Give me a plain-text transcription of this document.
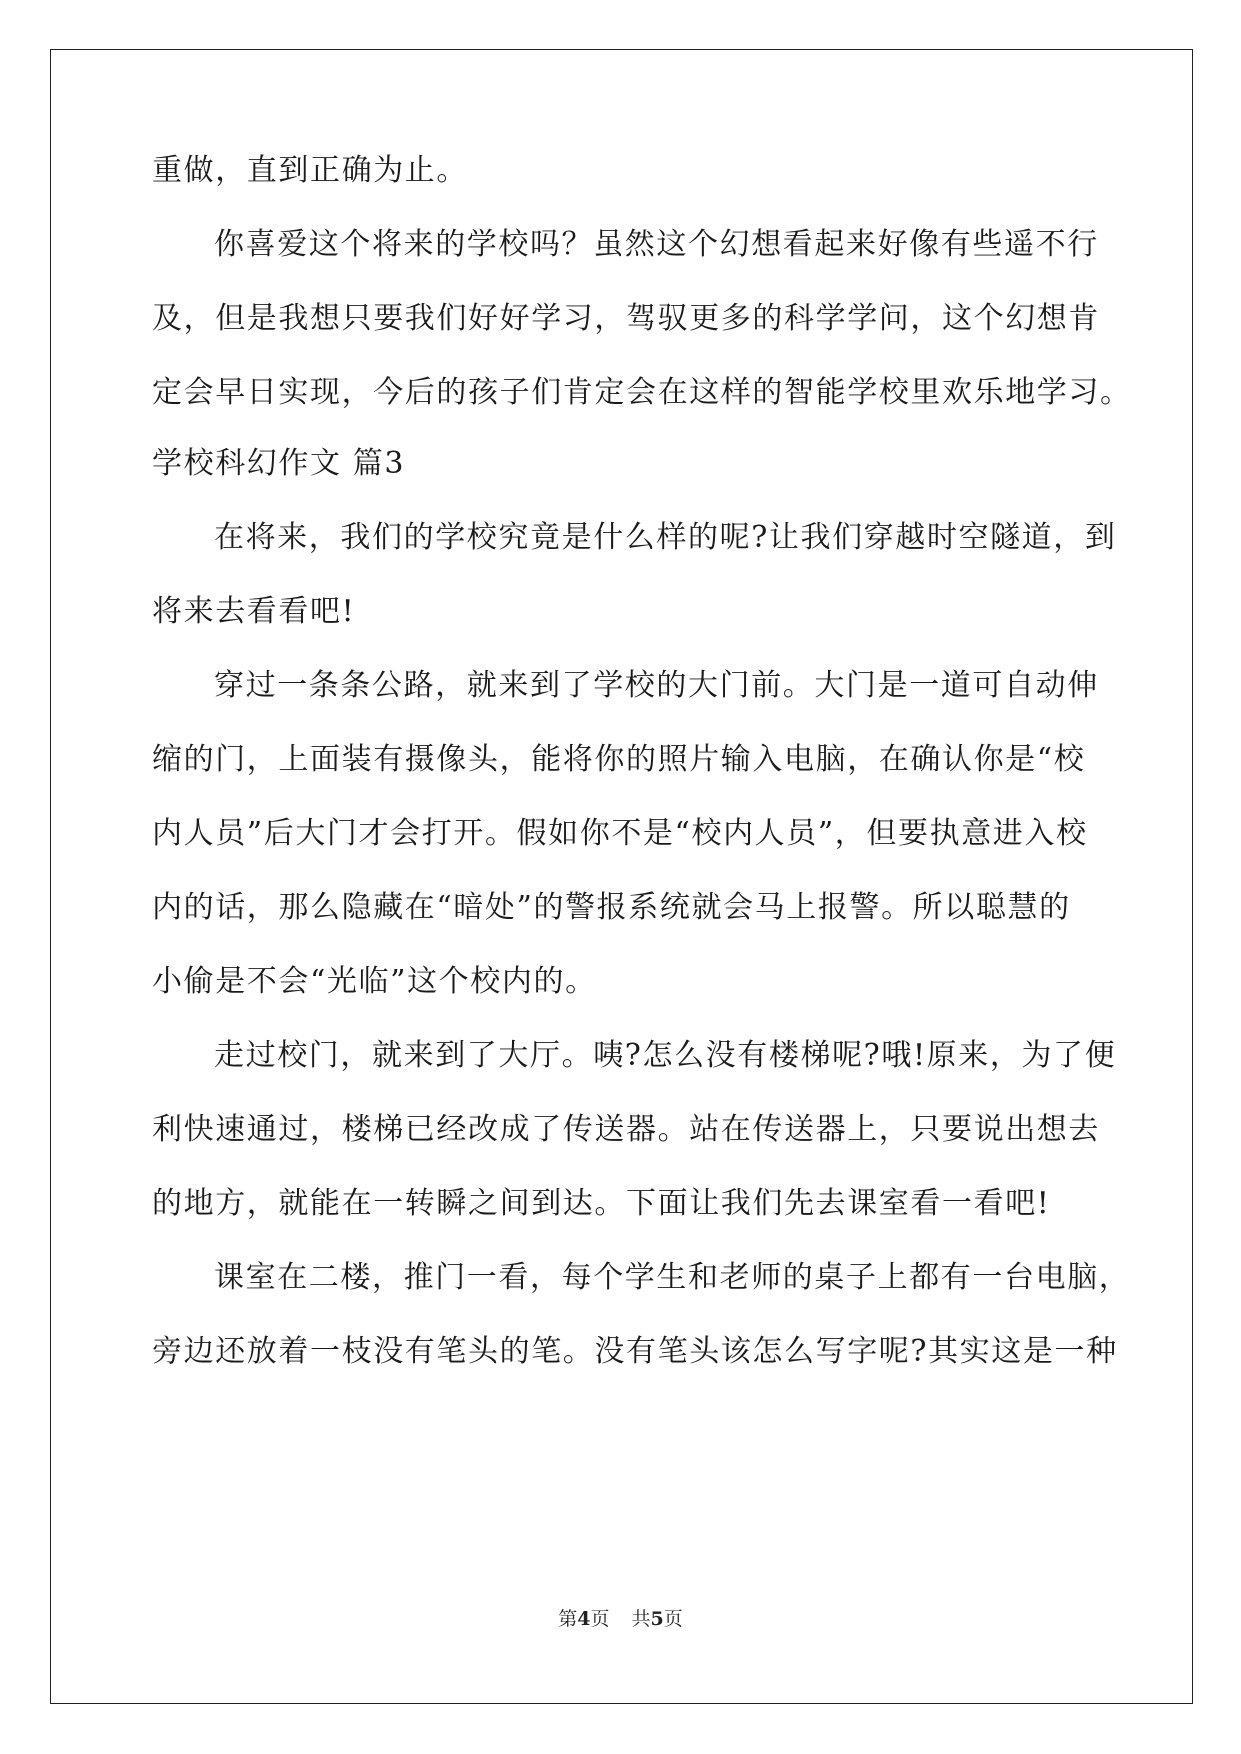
重做，直到正确为止。
你喜爱这个将来的学校吗？虽然这个幻想看起来好像有些遥不行
及，但是我想只要我们好好学习，驾驭更多的科学学问，这个幻想肯
定会早日实现，今后的孩子们肯定会在这样的智能学校里欢乐地学习。
学校科幻作文 篇3
在将来，我们的学校究竟是什么样的呢?让我们穿越时空隧道，到
将来去看看吧!
穿过一条条公路，就来到了学校的大门前。大门是一道可自动伸
缩的门，上面装有摄像头，能将你的照片输入电脑，在确认你是“校
内人员”后大门才会打开。假如你不是“校内人员”，但要执意进入校
内的话，那么隐藏在“暗处”的警报系统就会马上报警。所以聪慧的
小偷是不会“光临”这个校内的。
走过校门，就来到了大厅。咦?怎么没有楼梯呢?哦!原来，为了便
利快速通过，楼梯已经改成了传送器。站在传送器上，只要说出想去
的地方，就能在一转瞬之间到达。下面让我们先去课室看一看吧!
课室在二楼，推门一看，每个学生和老师的桌子上都有一台电脑，
旁边还放着一枝没有笔头的笔。没有笔头该怎么写字呢?其实这是一种
第4页 共5页
